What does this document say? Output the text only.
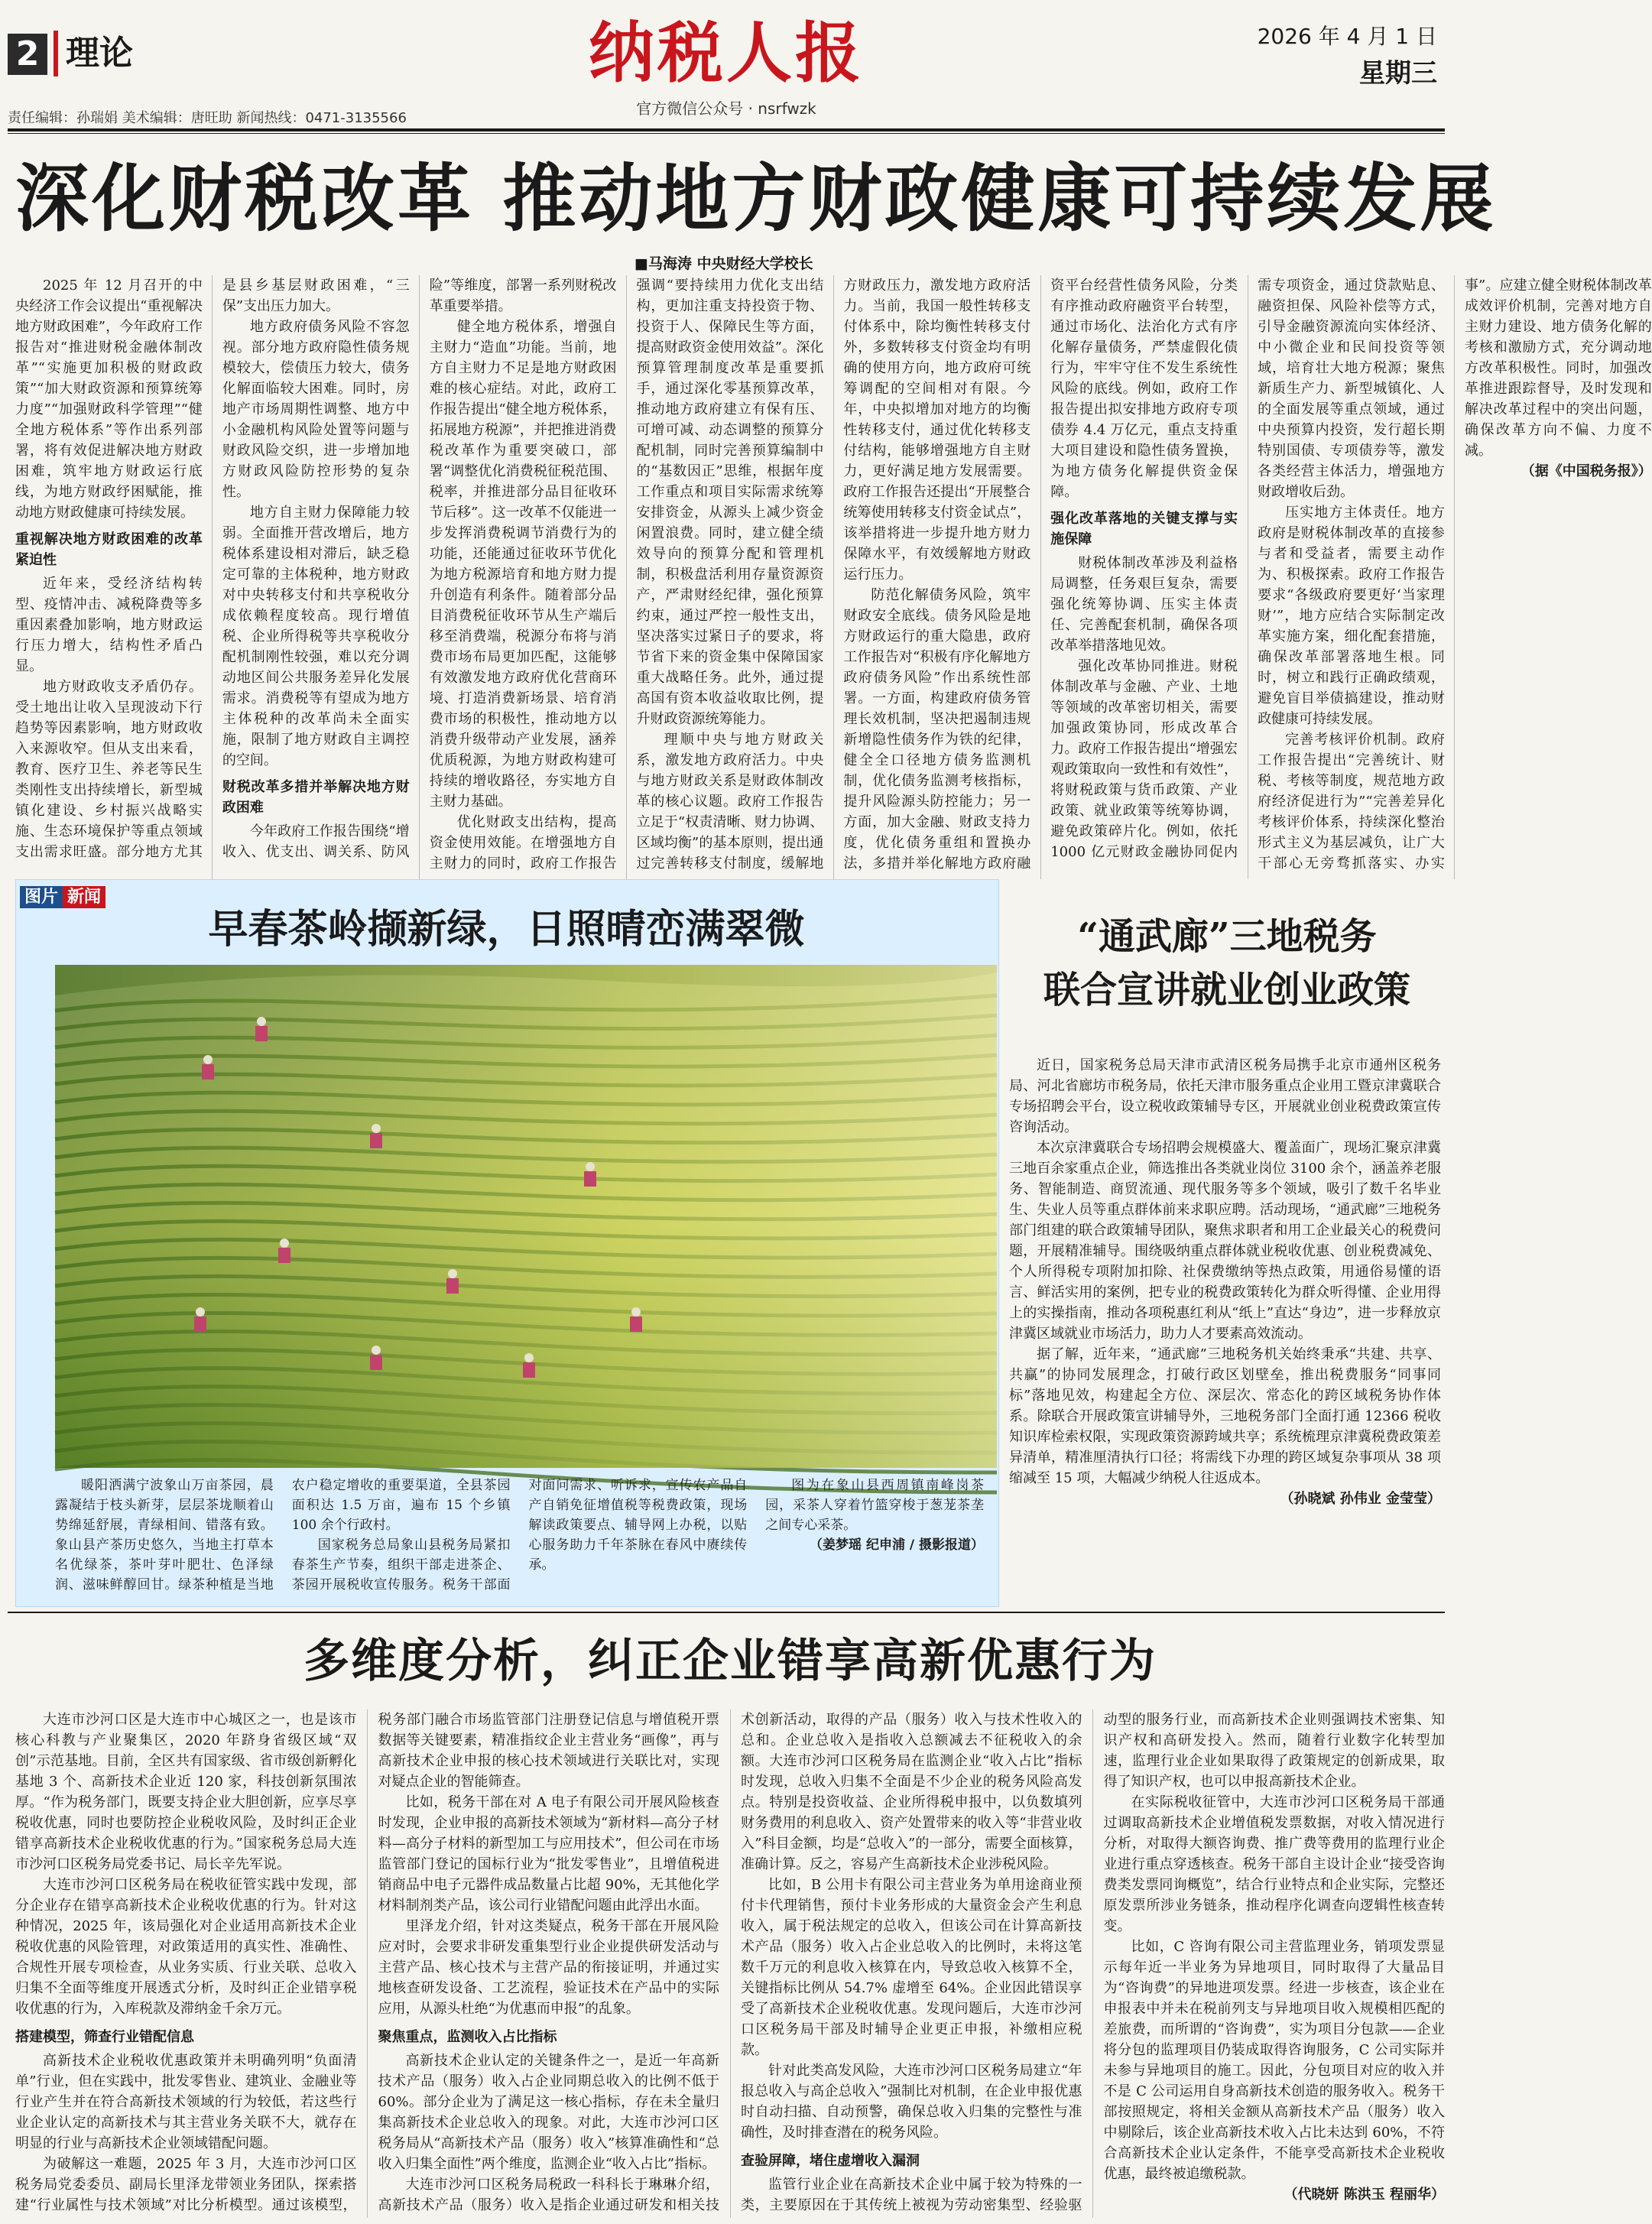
2 理论	纳税人报
官方微信公众号 · nsrfwzk
2026 年 4 月 1 日
星期三
责任编辑：孙瑞娟 美术编辑：唐旺助 新闻热线：0471-3135566
深化财税改革 推动地方财政健康可持续发展
■马海涛 中央财经大学校长

2025 年 12 月召开的中央经济工作会议提出“重视解决地方财政困难”，今年政府工作报告对“推进财税金融体制改革”“实施更加积极的财政政策”“加大财政资源和预算统筹力度”“加强财政科学管理”“健全地方税体系”等作出系列部署，将有效促进解决地方财政困难，筑牢地方财政运行底线，为地方财政纾困赋能，推动地方财政健康可持续发展。

重视解决地方财政困难的改革紧迫性

近年来，受经济结构转型、疫情冲击、减税降费等多重因素叠加影响，地方财政运行压力增大，结构性矛盾凸显。

地方财政收支矛盾仍存。受土地出让收入呈现波动下行趋势等因素影响，地方财政收入来源收窄。但从支出来看，教育、医疗卫生、养老等民生类刚性支出持续增长，新型城镇化建设、乡村振兴战略实施、生态环境保护等重点领域支出需求旺盛。部分地方尤其是县乡基层财政困难，“三保”支出压力加大。

地方政府债务风险不容忽视。部分地方政府隐性债务规模较大，偿债压力较大，债务化解面临较大困难。同时，房地产市场周期性调整、地方中小金融机构风险处置等问题与财政风险交织，进一步增加地方财政风险防控形势的复杂性。

地方自主财力保障能力较弱。全面推开营改增后，地方税体系建设相对滞后，缺乏稳定可靠的主体税种，地方财政对中央转移支付和共享税收分成依赖程度较高。现行增值税、企业所得税等共享税收分配机制刚性较强，难以充分调动地区间公共服务差异化发展需求。消费税等有望成为地方主体税种的改革尚未全面实施，限制了地方财政自主调控的空间。

财税改革多措并举解决地方财政困难

今年政府工作报告围绕“增收入、优支出、调关系、防风险”等维度，部署一系列财税改革重要举措。

健全地方税体系，增强自主财力“造血”功能。当前，地方自主财力不足是地方财政困难的核心症结。对此，政府工作报告提出“健全地方税体系，拓展地方税源”，并把推进消费税改革作为重要突破口，部署“调整优化消费税征税范围、税率，并推进部分品目征收环节后移”。这一改革不仅能进一步发挥消费税调节消费行为的功能，还能通过征收环节优化为地方税源培育和地方财力提升创造有利条件。随着部分品目消费税征收环节从生产端后移至消费端，税源分布将与消费市场布局更加匹配，这能够有效激发地方政府优化营商环境、打造消费新场景、培育消费市场的积极性，推动地方以消费升级带动产业发展，涵养优质税源，为地方财政构建可持续的增收路径，夯实地方自主财力基础。

优化财政支出结构，提高资金使用效能。在增强地方自主财力的同时，政府工作报告强调“要持续用力优化支出结构，更加注重支持投资于物、投资于人、保障民生等方面，提高财政资金使用效益”。深化预算管理制度改革是重要抓手，通过深化零基预算改革，推动地方政府建立有保有压、可增可减、动态调整的预算分配机制，同时完善预算编制中的“基数因正”思维，根据年度工作重点和项目实际需求统筹安排资金，从源头上减少资金闲置浪费。同时，建立健全绩效导向的预算分配和管理机制，积极盘活利用存量资源资产，严肃财经纪律，强化预算约束，通过严控一般性支出，坚决落实过紧日子的要求，将节省下来的资金集中保障国家重大战略任务。此外，通过提高国有资本收益收取比例，提升财政资源统筹能力。

理顺中央与地方财政关系，激发地方政府活力。中央与地方财政关系是财政体制改革的核心议题。政府工作报告立足于“权责清晰、财力协调、区域均衡”的基本原则，提出通过完善转移支付制度，缓解地方财政压力，激发地方政府活力。当前，我国一般性转移支付体系中，除均衡性转移支付外，多数转移支付资金均有明确的使用方向，地方政府可统筹调配的空间相对有限。今年，中央拟增加对地方的均衡性转移支付，通过优化转移支付结构，能够增强地方自主财力，更好满足地方发展需要。政府工作报告还提出“开展整合统筹使用转移支付资金试点”，该举措将进一步提升地方财力保障水平，有效缓解地方财政运行压力。

防范化解债务风险，筑牢财政安全底线。债务风险是地方财政运行的重大隐患，政府工作报告对“积极有序化解地方政府债务风险”作出系统性部署。一方面，构建政府债务管理长效机制，坚决把遏制违规新增隐性债务作为铁的纪律，健全全口径地方债务监测机制，优化债务监测考核指标，提升风险源头防控能力；另一方面，加大金融、财政支持力度，优化债务重组和置换办法，多措并举化解地方政府融资平台经营性债务风险，分类有序推动政府融资平台转型，通过市场化、法治化方式有序化解存量债务，严禁虚假化债行为，牢牢守住不发生系统性风险的底线。例如，政府工作报告提出拟安排地方政府专项债券 4.4 万亿元，重点支持重大项目建设和隐性债务置换，为地方债务化解提供资金保障。

强化改革落地的关键支撑与实施保障

财税体制改革涉及利益格局调整，任务艰巨复杂，需要强化统筹协调、压实主体责任、完善配套机制，确保各项改革举措落地见效。

强化改革协同推进。财税体制改革与金融、产业、土地等领域的改革密切相关，需要加强政策协同，形成改革合力。政府工作报告提出“增强宏观政策取向一致性和有效性”，将财税政策与货币政策、产业政策、就业政策等统筹协调，避免政策碎片化。例如，依托 1000 亿元财政金融协同促内需专项资金，通过贷款贴息、融资担保、风险补偿等方式，引导金融资源流向实体经济、中小微企业和民间投资等领域，培育壮大地方税源；聚焦新质生产力、新型城镇化、人的全面发展等重点领域，通过中央预算内投资，发行超长期特别国债、专项债券等，激发各类经营主体活力，增强地方财政增收后劲。

压实地方主体责任。地方政府是财税体制改革的直接参与者和受益者，需要主动作为、积极探索。政府工作报告要求“各级政府要更好‘当家理财’”，地方应结合实际制定改革实施方案，细化配套措施，确保改革部署落地生根。同时，树立和践行正确政绩观，避免盲目举债搞建设，推动财政健康可持续发展。

完善考核评价机制。政府工作报告提出“完善统计、财税、考核等制度，规范地方政府经济促进行为”“完善差异化考核评价体系，持续深化整治形式主义为基层减负，让广大干部心无旁骛抓落实、办实事”。应建立健全财税体制改革成效评价机制，完善对地方自主财力建设、地方债务化解的考核和激励方式，充分调动地方改革积极性。同时，加强改革推进跟踪督导，及时发现和解决改革过程中的突出问题，确保改革方向不偏、力度不减。

（据《中国税务报》）

图片 新闻
早春茶岭撷新绿，日照晴峦满翠微

暖阳洒满宁波象山万亩茶园，晨露凝结于枝头新芽，层层茶垅顺着山势绵延舒展，青绿相间、错落有致。象山县产茶历史悠久，当地主打草本名优绿茶，茶叶芽叶肥壮、色泽绿润、滋味鲜醇回甘。绿茶种植是当地农户稳定增收的重要渠道，全县茶园面积达 1.5 万亩，遍布 15 个乡镇 100 余个行政村。

国家税务总局象山县税务局紧扣春茶生产节奏，组织干部走进茶企、茶园开展税收宣传服务。税务干部面对面问需求、听诉求，宣传农产品自产自销免征增值税等税费政策，现场解读政策要点、辅导网上办税，以贴心服务助力千年茶脉在春风中赓续传承。

图为在象山县西周镇南峰岗茶园，采茶人穿着竹篮穿梭于葱茏茶垄之间专心采茶。

（姜梦瑶 纪申浦 / 摄影报道）

“通武廊”三地税务
联合宣讲就业创业政策

近日，国家税务总局天津市武清区税务局携手北京市通州区税务局、河北省廊坊市税务局，依托天津市服务重点企业用工暨京津冀联合专场招聘会平台，设立税收政策辅导专区，开展就业创业税费政策宣传咨询活动。

本次京津冀联合专场招聘会规模盛大、覆盖面广，现场汇聚京津冀三地百余家重点企业，筛选推出各类就业岗位 3100 余个，涵盖养老服务、智能制造、商贸流通、现代服务等多个领域，吸引了数千名毕业生、失业人员等重点群体前来求职应聘。活动现场，“通武廊”三地税务部门组建的联合政策辅导团队，聚焦求职者和用工企业最关心的税费问题，开展精准辅导。围绕吸纳重点群体就业税收优惠、创业税费减免、个人所得税专项附加扣除、社保费缴纳等热点政策，用通俗易懂的语言、鲜活实用的案例，把专业的税费政策转化为群众听得懂、企业用得上的实操指南，推动各项税惠红利从“纸上”直达“身边”，进一步释放京津冀区域就业市场活力，助力人才要素高效流动。

据了解，近年来，“通武廊”三地税务机关始终秉承“共建、共享、共赢”的协同发展理念，打破行政区划壁垒，推出税费服务“同事同标”落地见效，构建起全方位、深层次、常态化的跨区域税务协作体系。除联合开展政策宣讲辅导外，三地税务部门全面打通 12366 税收知识库检索权限，实现政策资源跨域共享；系统梳理京津冀税费政策差异清单，精准厘清执行口径；将需线下办理的跨区域复杂事项从 38 项缩减至 15 项，大幅减少纳税人往返成本。

（孙晓斌 孙伟业 金莹莹）

多维度分析，纠正企业错享高新优惠行为

大连市沙河口区是大连市中心城区之一，也是该市核心科教与产业聚集区，2020 年跻身省级区域“双创”示范基地。目前，全区共有国家级、省市级创新孵化基地 3 个、高新技术企业近 120 家，科技创新氛围浓厚。“作为税务部门，既要支持企业大胆创新，应享尽享税收优惠，同时也要防控企业税收风险，及时纠正企业错享高新技术企业税收优惠的行为。”国家税务总局大连市沙河口区税务局党委书记、局长辛先军说。

大连市沙河口区税务局在税收征管实践中发现，部分企业存在错享高新技术企业税收优惠的行为。针对这种情况，2025 年，该局强化对企业适用高新技术企业税收优惠的风险管理，对政策适用的真实性、准确性、合规性开展专项检查，从业务实质、行业关联、总收入归集不全面等维度开展透式分析，及时纠正企业错享税收优惠的行为，入库税款及滞纳金千余万元。

搭建模型，筛查行业错配信息

高新技术企业税收优惠政策并未明确列明“负面清单”行业，但在实践中，批发零售业、建筑业、金融业等行业产生并在符合高新技术领域的行为较低，若这些行业企业认定的高新技术与其主营业务关联不大，就存在明显的行业与高新技术企业领域错配问题。

为破解这一难题，2025 年 3 月，大连市沙河口区税务局党委委员、副局长里泽龙带领业务团队，探索搭建“行业属性与技术领域”对比分析模型。通过该模型，税务部门融合市场监管部门注册登记信息与增值税开票数据等关键要素，精准指纹企业主营业务“画像”，再与高新技术企业申报的核心技术领域进行关联比对，实现对疑点企业的智能筛查。

比如，税务干部在对 A 电子有限公司开展风险核查时发现，企业申报的高新技术领域为“新材料—高分子材料—高分子材料的新型加工与应用技术”，但公司在市场监管部门登记的国标行业为“批发零售业”，且增值税进销商品中电子元器件成品数量占比超 90%，无其他化学材料制剂类产品，该公司行业错配问题由此浮出水面。

里泽龙介绍，针对这类疑点，税务干部在开展风险应对时，会要求非研发重集型行业企业提供研发活动与主营产品、核心技术与主营产品的衔接证明，并通过实地核查研发设备、工艺流程，验证技术在产品中的实际应用，从源头杜绝“为优惠而申报”的乱象。

聚焦重点，监测收入占比指标

高新技术企业认定的关键条件之一，是近一年高新技术产品（服务）收入占企业同期总收入的比例不低于 60%。部分企业为了满足这一核心指标，存在未全量归集高新技术企业总收入的现象。对此，大连市沙河口区税务局从“高新技术产品（服务）收入”核算准确性和“总收入归集全面性”两个维度，监测企业“收入占比”指标。

大连市沙河口区税务局税政一科科长于琳琳介绍，高新技术产品（服务）收入是指企业通过研发和相关技术创新活动，取得的产品（服务）收入与技术性收入的总和。企业总收入是指收入总额减去不征税收入的余额。大连市沙河口区税务局在监测企业“收入占比”指标时发现，总收入归集不全面是不少企业的税务风险高发点。特别是投资收益、企业所得税申报中，以负数填列财务费用的利息收入、资产处置带来的收入等“非营业收入”科目金额，均是“总收入”的一部分，需要全面核算，准确计算。反之，容易产生高新技术企业涉税风险。

比如，B 公用卡有限公司主营业务为单用途商业预付卡代理销售，预付卡业务形成的大量资金会产生利息收入，属于税法规定的总收入，但该公司在计算高新技术产品（服务）收入占企业总收入的比例时，未将这笔数千万元的利息收入核算在内，导致总收入核算不全，关键指标比例从 54.7% 虚增至 64%。企业因此错误享受了高新技术企业税收优惠。发现问题后，大连市沙河口区税务局干部及时辅导企业更正申报，补缴相应税款。

针对此类高发风险，大连市沙河口区税务局建立“年报总收入与高企总收入”强制比对机制，在企业申报优惠时自动扫描、自动预警，确保总收入归集的完整性与准确性，及时排查潜在的税务风险。

查验屏障，堵住虚增收入漏洞

监管行业企业在高新技术企业中属于较为特殊的一类，主要原因在于其传统上被视为劳动密集型、经验驱动型的服务行业，而高新技术企业则强调技术密集、知识产权和高研发投入。然而，随着行业数字化转型加速，监理行业企业如果取得了政策规定的创新成果，取得了知识产权，也可以申报高新技术企业。

在实际税收征管中，大连市沙河口区税务局干部通过调取高新技术企业增值税发票数据，对收入情况进行分析，对取得大额咨询费、推广费等费用的监理行业企业进行重点穿透核查。税务干部自主设计企业“接受咨询费类发票同询概览”，结合行业特点和企业实际，完整还原发票所涉业务链条，推动程序化调查向逻辑性核查转变。

比如，C 咨询有限公司主营监理业务，销项发票显示每年近一半业务为异地项目，同时取得了大量品目为“咨询费”的异地进项发票。经进一步核查，该企业在申报表中并未在税前列支与异地项目收入规模相匹配的差旅费，而所谓的“咨询费”，实为项目分包款——企业将分包的监理项目仍装成取得咨询服务，C 公司实际并未参与异地项目的施工。因此，分包项目对应的收入并不是 C 公司运用自身高新技术创造的服务收入。税务干部按照规定，将相关金额从高新技术产品（服务）收入中剔除后，该企业高新技术收入占比未达到 60%，不符合高新技术企业认定条件，不能享受高新技术企业税收优惠，最终被追缴税款。

（代晓妍 陈洪玉 程丽华）
